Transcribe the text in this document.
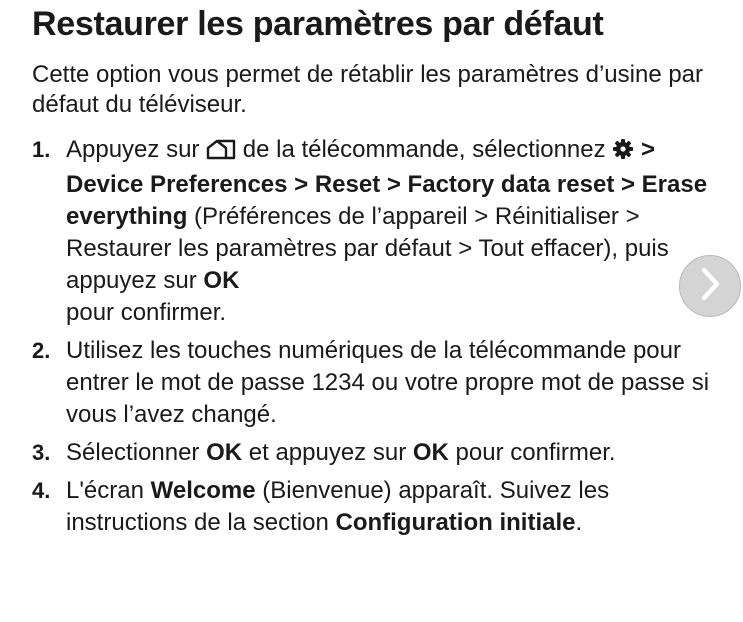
Restaurer les paramètres par défaut

Cette option vous permet de rétablir les paramètres d’usine par défaut du téléviseur.

1. Appuyez sur  de la télécommande, sélectionnez  > Device Preferences > Reset > Factory data reset > Erase everything (Préférences de l’appareil > Réinitialiser > Restaurer les paramètres par défaut > Tout effacer), puis appuyez sur OK
pour confirmer.
2. Utilisez les touches numériques de la télécommande pour entrer le mot de passe 1234 ou votre propre mot de passe si vous l’avez changé.
3. Sélectionner OK et appuyez sur OK pour confirmer.
4. L'écran Welcome (Bienvenue) apparaît. Suivez les instructions de la section Configuration initiale.
